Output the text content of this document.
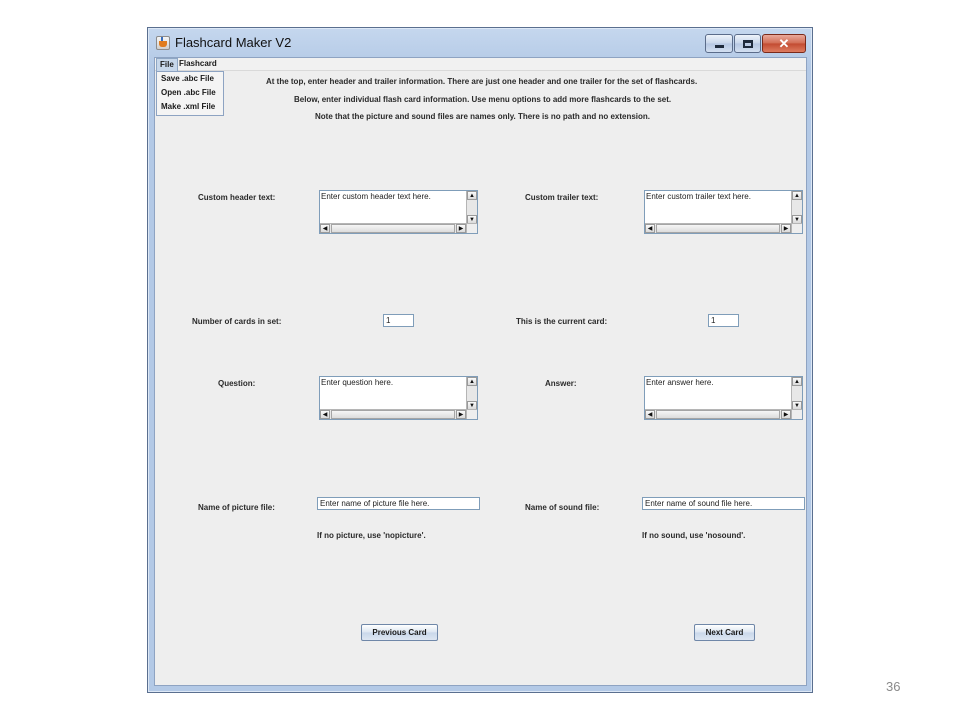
Flashcard Maker V2	✕
File Flashcard
Save .abc File
Open .abc File
Make .xml File
At the top, enter header and trailer information. There are just one header and one trailer for the set of flashcards.
Below, enter individual flash card information. Use menu options to add more flashcards to the set.
Note that the picture and sound files are names only. There is no path and no extension.
Custom header text:	Enter custom header text here.	▲
▼
◀	▶
Custom trailer text:	Enter custom trailer text here.	▲
▼
◀	▶
Number of cards in set:	1	This is the current card:	1
Question:	Enter question here.	▲
▼
◀	▶
Answer:	Enter answer here.	▲
▼
◀	▶
Name of picture file:	Enter name of picture file here.
If no picture, use 'nopicture'.
Name of sound file:	Enter name of sound file here.
If no sound, use 'nosound'.
Previous Card	Next Card
36
